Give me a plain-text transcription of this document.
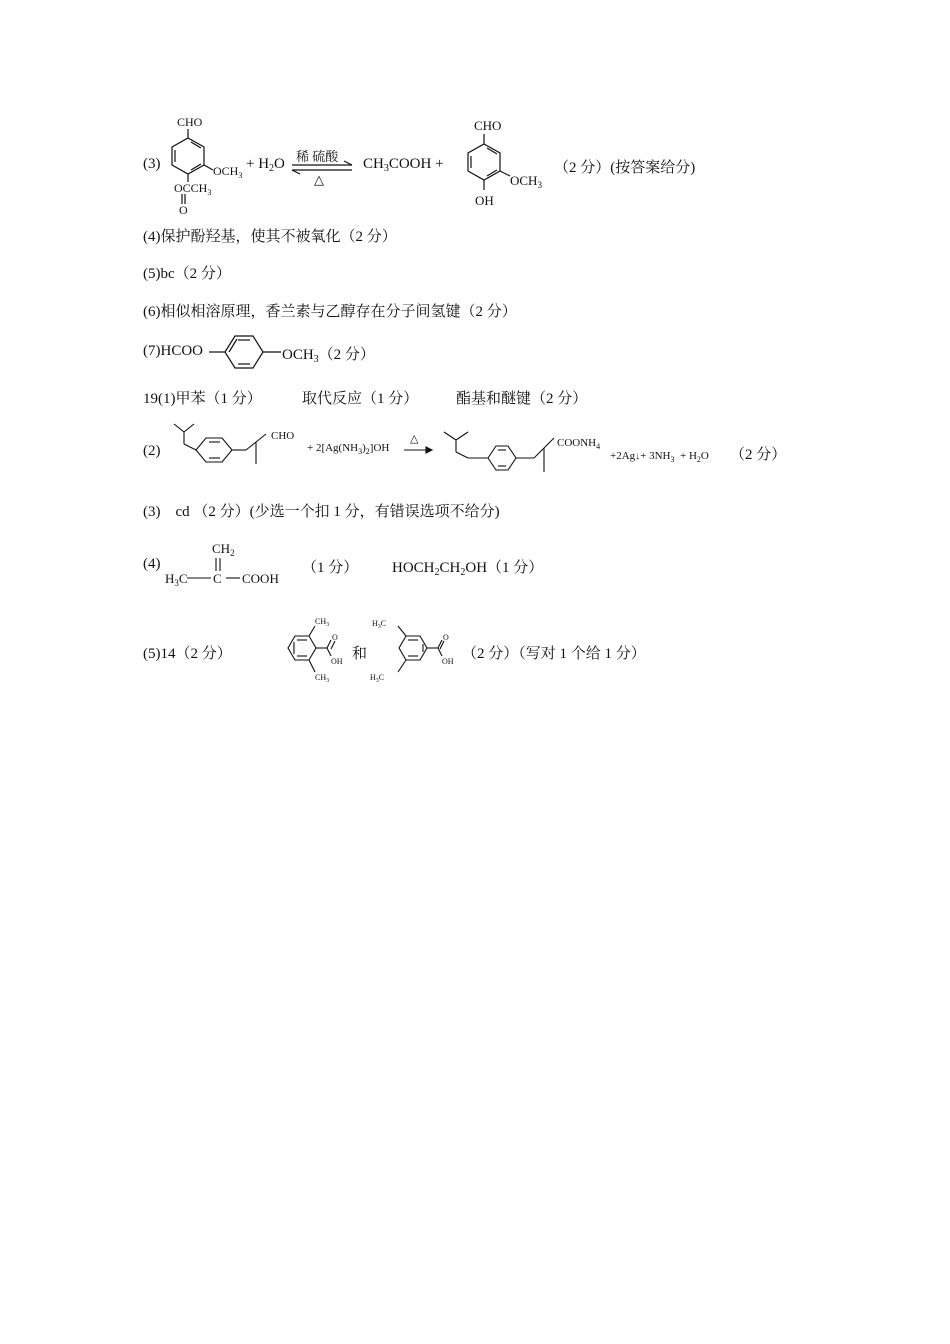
(3)
CHO
$OCH_3$
$OCCH_3$
O
+ $H_2O$ 稀 硫酸
△
$CH_3COOH$ +
CHO
$OCH_3$
OH
（2 分）(按答案给分)
(4)保护酚羟基，使其不被氧化（2 分）
(5)bc（2 分）
(6)相似相溶原理，香兰素与乙醇存在分子间氢键（2 分）
(7)HCOO	$OCH_3(2$ 分）
19(1)甲苯（1 分）	取代反应（1 分）	酯基和醚键（2 分）
(2)
CHO
+ $2[Ag(NH_3)_2]OH$
△	$COONH_4$
+2Ag↓+ $3NH_3 + H_2O$ （2 分）
(3)    cd （2 分）(少选一个扣 1 分，有错误选项不给分)
(4)
$CH_2$
$H_3C$ C COOH
（1 分） $HOCH_2CH_2OH(1$ 分）
(5)14（2 分）
$CH_3$
O
OH
$CH_3$
和
$H_3C$
O
OH
$H_3C$
（2 分）（写对 1 个给 1 分）
